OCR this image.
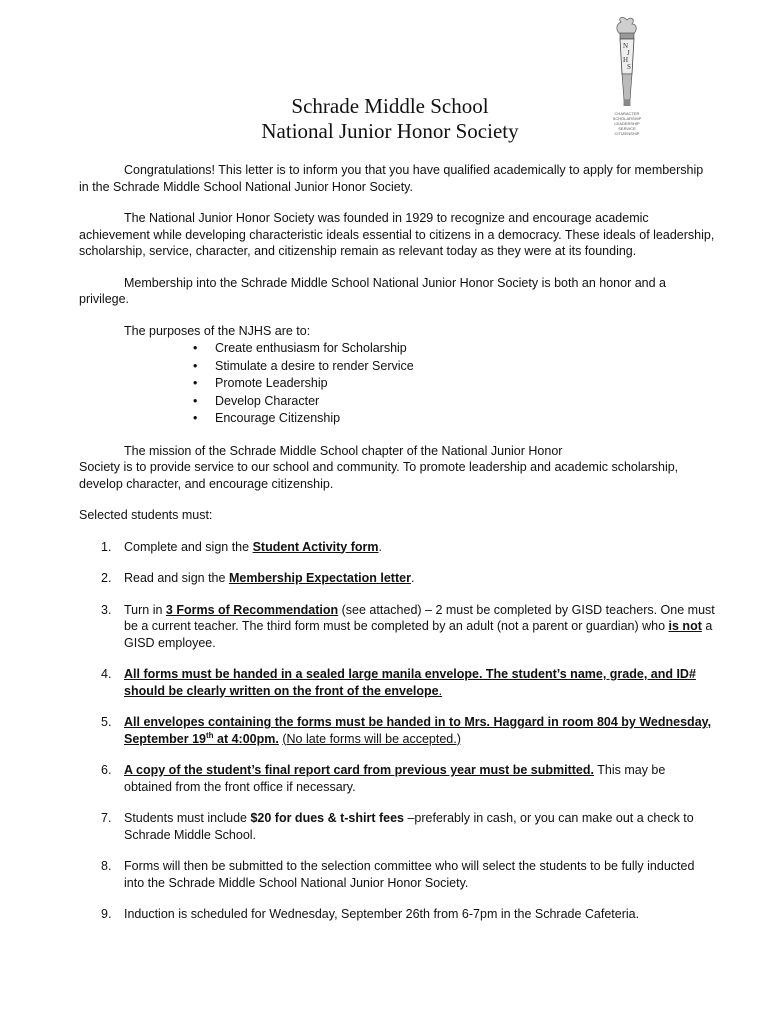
N
J
H
S
CHARACTER
SCHOLARSHIP
LEADERSHIP
SERVICE
CITIZENSHIP
Schrade Middle School
National Junior Honor Society

Congratulations! This letter is to inform you that you have qualified academically to apply for membership in the Schrade Middle School National Junior Honor Society.

The National Junior Honor Society was founded in 1929 to recognize and encourage academic achievement while developing characteristic ideals essential to citizens in a democracy. These ideals of leadership, scholarship, service, character, and citizenship remain as relevant today as they were at its founding.

Membership into the Schrade Middle School National Junior Honor Society is both an honor and a privilege.

The purposes of the NJHS are to:
• Create enthusiasm for Scholarship
• Stimulate a desire to render Service
• Promote Leadership
• Develop Character
• Encourage Citizenship

The mission of the Schrade Middle School chapter of the National Junior Honor
Society is to provide service to our school and community. To promote leadership and academic scholarship, develop character, and encourage citizenship.

Selected students must:

1. Complete and sign the Student Activity form.
2. Read and sign the Membership Expectation letter.
3. Turn in 3 Forms of Recommendation (see attached) – 2 must be completed by GISD teachers. One must be a current teacher. The third form must be completed by an adult (not a parent or guardian) who is not a GISD employee.
4. All forms must be handed in a sealed large manila envelope. The student’s name, grade, and ID# should be clearly written on the front of the envelope.
5. All envelopes containing the forms must be handed in to Mrs. Haggard in room 804 by Wednesday, September 19th at 4:00pm. (No late forms will be accepted.)
6. A copy of the student’s final report card from previous year must be submitted. This may be obtained from the front office if necessary.
7. Students must include $20 for dues & t-shirt fees –preferably in cash, or you can make out a check to Schrade Middle School.
8. Forms will then be submitted to the selection committee who will select the students to be fully inducted into the Schrade Middle School National Junior Honor Society.
9. Induction is scheduled for Wednesday, September 26th from 6-7pm in the Schrade Cafeteria.
